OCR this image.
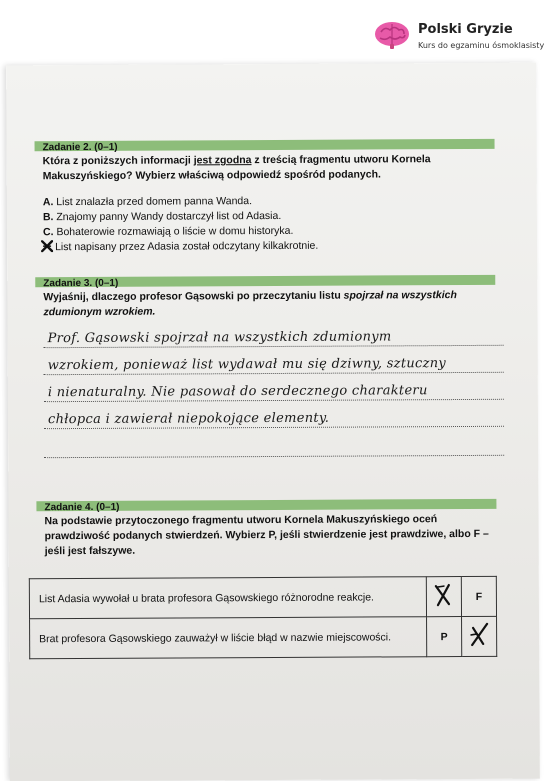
Polski Gryzie
Kurs do egzaminu ósmoklasisty
Zadanie 2. (0–1)
Która z poniższych informacji jest zgodna z treścią fragmentu utworu Kornela Makuszyńskiego? Wybierz właściwą odpowiedź spośród podanych.
A. List znalazła przed domem panna Wanda.
B. Znajomy panny Wandy dostarczył list od Adasia.
C. Bohaterowie rozmawiają o liście w domu historyka.
List napisany przez Adasia został odczytany kilkakrotnie.
Zadanie 3. (0–1)
Wyjaśnij, dlaczego profesor Gąsowski po przeczytaniu listu spojrzał na wszystkich zdumionym wzrokiem.
Prof. Gąsowski spojrzał na wszystkich zdumionym
wzrokiem, ponieważ list wydawał mu się dziwny, sztuczny
i nienaturalny. Nie pasował do serdecznego charakteru
chłopca i zawierał niepokojące elementy.
Zadanie 4. (0–1)
Na podstawie przytoczonego fragmentu utworu Kornela Makuszyńskiego oceń prawdziwość podanych stwierdzeń. Wybierz P, jeśli stwierdzenie jest prawdziwe, albo F – jeśli jest fałszywe.
List Adasia wywołał u brata profesora Gąsowskiego różnorodne reakcje.		F
Brat profesora Gąsowskiego zauważył w liście błąd w nazwie miejscowości.	P	
